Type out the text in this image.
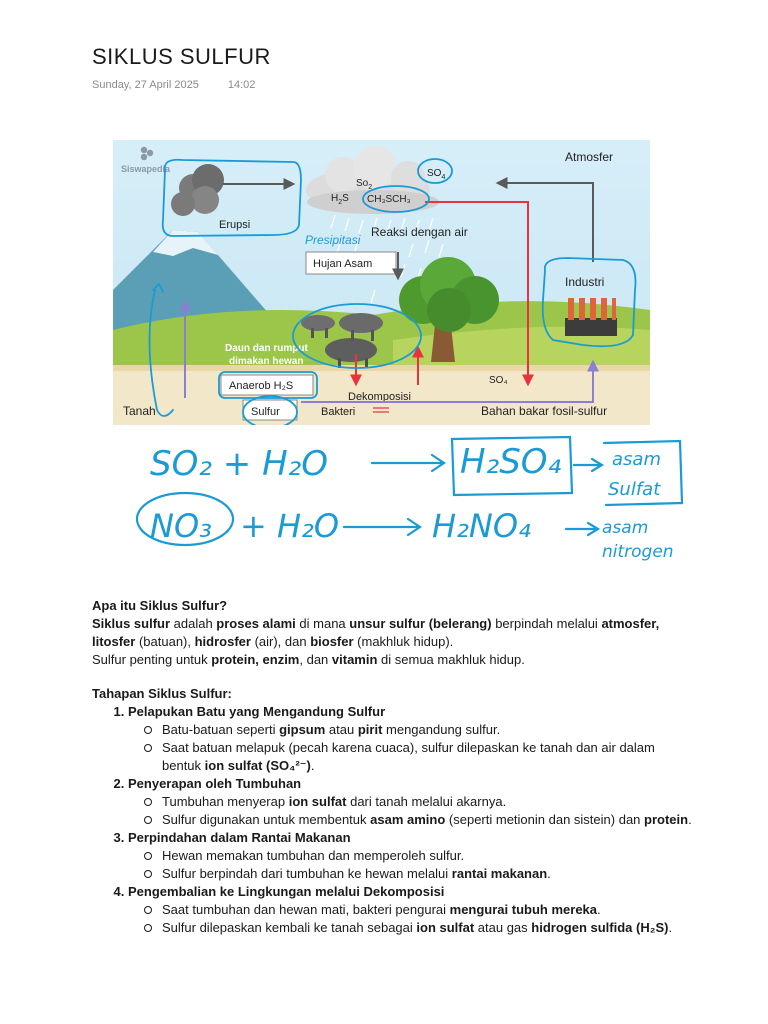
SIKLUS SULFUR
Sunday, 27 April 2025	14:02
Siswapedia
Atmosfer
$So_2$
$H_2S$
$SO_4$
CH₃SCH₃
Erupsi	Reaksi dengan air
Hujan Asam
Industri
Daun dan rumput
dimakan hewan
Anaerob H₂S
Dekomposisi
SO₄
Tanah	Sulfur	Bakteri	Bahan bakar fosil-sulfur
Presipitasi
SO₂ + H₂O	H₂SO₄	asam
Sulfat
NO₃ + H₂O	H₂NO₄	asam
nitrogen

Apa itu Siklus Sulfur?

Siklus sulfur adalah proses alami di mana unsur sulfur (belerang) berpindah melalui atmosfer, litosfer (batuan), hidrosfer (air), dan biosfer (makhluk hidup).

Sulfur penting untuk protein, enzim, dan vitamin di semua makhluk hidup.

Tahapan Siklus Sulfur:

1. Pelapukan Batu yang Mengandung Sulfur
Batu-batuan seperti gipsum atau pirit mengandung sulfur.
Saat batuan melapuk (pecah karena cuaca), sulfur dilepaskan ke tanah dan air dalam bentuk ion sulfat (SO₄²⁻).
2. Penyerapan oleh Tumbuhan
Tumbuhan menyerap ion sulfat dari tanah melalui akarnya.
Sulfur digunakan untuk membentuk asam amino (seperti metionin dan sistein) dan protein.
3. Perpindahan dalam Rantai Makanan
Hewan memakan tumbuhan dan memperoleh sulfur.
Sulfur berpindah dari tumbuhan ke hewan melalui rantai makanan.
4. Pengembalian ke Lingkungan melalui Dekomposisi
Saat tumbuhan dan hewan mati, bakteri pengurai mengurai tubuh mereka.
Sulfur dilepaskan kembali ke tanah sebagai ion sulfat atau gas hidrogen sulfida (H₂S).
